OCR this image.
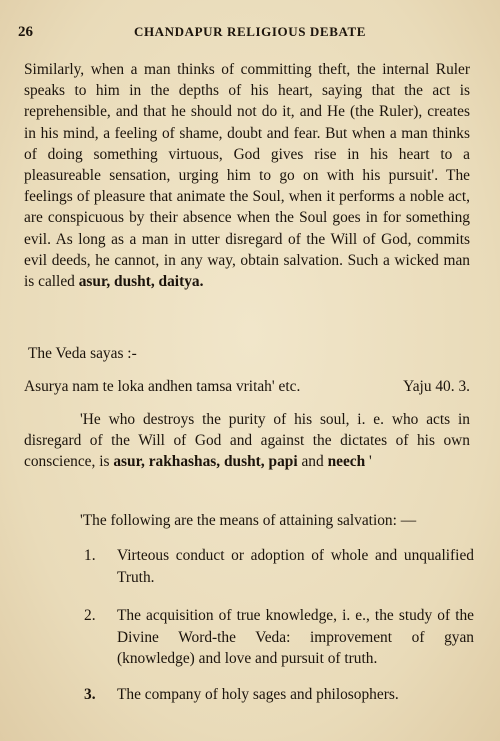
26	CHANDAPUR RELIGIOUS DEBATE

Similarly, when a man thinks of committing theft, the internal Ruler speaks to him in the depths of his heart, saying that the act is reprehensible, and that he should not do it, and He (the Ruler), creates in his mind, a feeling of shame, doubt and fear. But when a man thinks of doing something virtuous, God gives rise in his heart to a pleasureable sensation, urging him to go on with his pursuit'. The feelings of pleasure that animate the Soul, when it performs a noble act, are conspicuous by their absence when the Soul goes in for something evil. As long as a man in utter disregard of the Will of God, commits evil deeds, he cannot, in any way, obtain salvation. Such a wicked man is called asur, dusht, daitya.

The Veda sayas :-
Asurya nam te loka andhen tamsa vritah' etc.	Yaju 40. 3.

'He who destroys the purity of his soul, i. e. who acts in disregard of the Will of God and against the dictates of his own conscience, is asur, rakhashas, dusht, papi and neech '

'The following are the means of attaining salvation: —
1. Virteous conduct or adoption of whole and unqualified Truth.
2. The acquisition of true knowledge, i. e., the study of the Divine Word-the Veda: improvement of gyan (knowledge) and love and pursuit of truth.
3. The company of holy sages and philosophers.
